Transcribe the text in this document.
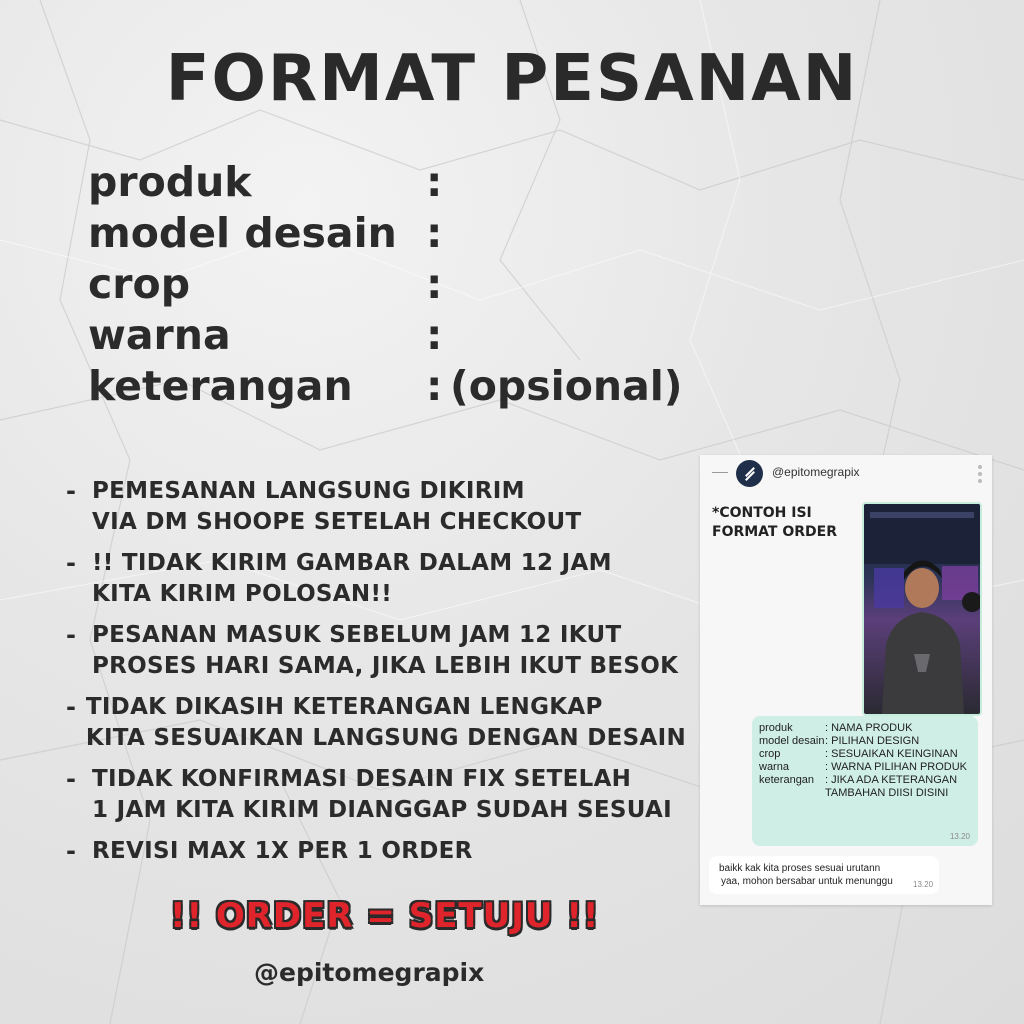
FORMAT PESANAN
produk	:
model desain :
crop	:
warna	:
keterangan : (opsional)
- PEMESANAN LANGSUNG DIKIRIM
VIA DM SHOOPE SETELAH CHECKOUT
- !! TIDAK KIRIM GAMBAR DALAM 12 JAM
KITA KIRIM POLOSAN!!
- PESANAN MASUK SEBELUM JAM 12 IKUT
PROSES HARI SAMA, JIKA LEBIH IKUT BESOK
- TIDAK DIKASIH KETERANGAN LENGKAP
KITA SESUAIKAN LANGSUNG DENGAN DESAIN
- TIDAK KONFIRMASI DESAIN FIX SETELAH
1 JAM KITA KIRIM DIANGGAP SUDAH SESUAI
- REVISI MAX 1X PER 1 ORDER
!! ORDER = SETUJU !!
@epitomegrapix
@epitomegrapix
*CONTOH ISI
FORMAT ORDER
produk	: NAMA PRODUK
model desain : PILIHAN DESIGN
crop	: SESUAIKAN KEINGINAN
warna	: WARNA PILIHAN PRODUK
keterangan : JIKA ADA KETERANGAN
TAMBAHAN DIISI DISINI
13.20
baikk kak kita proses sesuai urutann
yaa, mohon bersabar untuk menunggu	13.20
